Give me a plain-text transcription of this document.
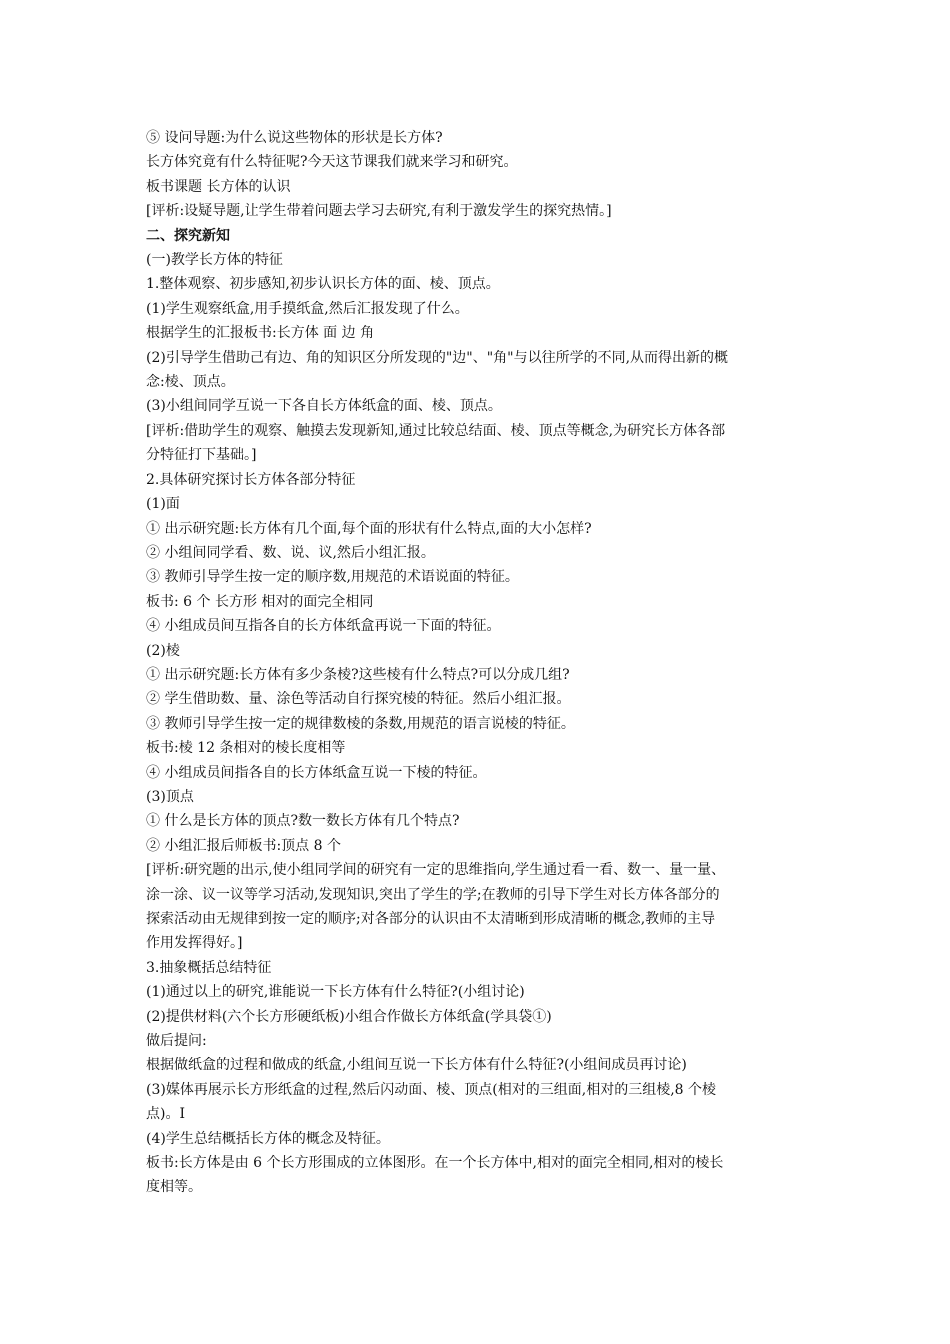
⑤ 设问导题:为什么说这些物体的形状是长方体?
长方体究竟有什么特征呢?今天这节课我们就来学习和研究。
板书课题 长方体的认识
[评析:设疑导题,让学生带着问题去学习去研究,有利于激发学生的探究热情。]
二、探究新知
(一)教学长方体的特征
1.整体观察、初步感知,初步认识长方体的面、棱、顶点。
(1)学生观察纸盒,用手摸纸盒,然后汇报发现了什么。
根据学生的汇报板书:长方体 面 边 角
(2)引导学生借助己有边、角的知识区分所发现的"边"、"角"与以往所学的不同,从而得出新的概
念:棱、顶点。
(3)小组间同学互说一下各自长方体纸盒的面、棱、顶点。
[评析:借助学生的观察、触摸去发现新知,通过比较总结面、棱、顶点等概念,为研究长方体各部
分特征打下基础。]
2.具体研究探讨长方体各部分特征
(1)面
① 出示研究题:长方体有几个面,每个面的形状有什么特点,面的大小怎样?
② 小组间同学看、数、说、议,然后小组汇报。
③ 教师引导学生按一定的顺序数,用规范的术语说面的特征。
板书: 6 个 长方形 相对的面完全相同
④ 小组成员间互指各自的长方体纸盒再说一下面的特征。
(2)棱
① 出示研究题:长方体有多少条棱?这些棱有什么特点?可以分成几组?
② 学生借助数、量、涂色等活动自行探究棱的特征。然后小组汇报。
③ 教师引导学生按一定的规律数棱的条数,用规范的语言说棱的特征。
板书:棱 12 条相对的棱长度相等
④ 小组成员间指各自的长方体纸盒互说一下棱的特征。
(3)顶点
① 什么是长方体的顶点?数一数长方体有几个特点?
② 小组汇报后师板书:顶点 8 个
[评析:研究题的出示,使小组同学间的研究有一定的思维指向,学生通过看一看、数一、量一量、
涂一涂、议一议等学习活动,发现知识,突出了学生的学;在教师的引导下学生对长方体各部分的
探索活动由无规律到按一定的顺序;对各部分的认识由不太清晰到形成清晰的概念,教师的主导
作用发挥得好。]
3.抽象概括总结特征
(1)通过以上的研究,谁能说一下长方体有什么特征?(小组讨论)
(2)提供材料(六个长方形硬纸板)小组合作做长方体纸盒(学具袋①)
做后提问:
根据做纸盒的过程和做成的纸盒,小组间互说一下长方体有什么特征?(小组间成员再讨论)
(3)媒体再展示长方形纸盒的过程,然后闪动面、棱、顶点(相对的三组面,相对的三组棱,8 个棱
点)。I
(4)学生总结概括长方体的概念及特征。
板书:长方体是由 6 个长方形围成的立体图形。在一个长方体中,相对的面完全相同,相对的棱长
度相等。
